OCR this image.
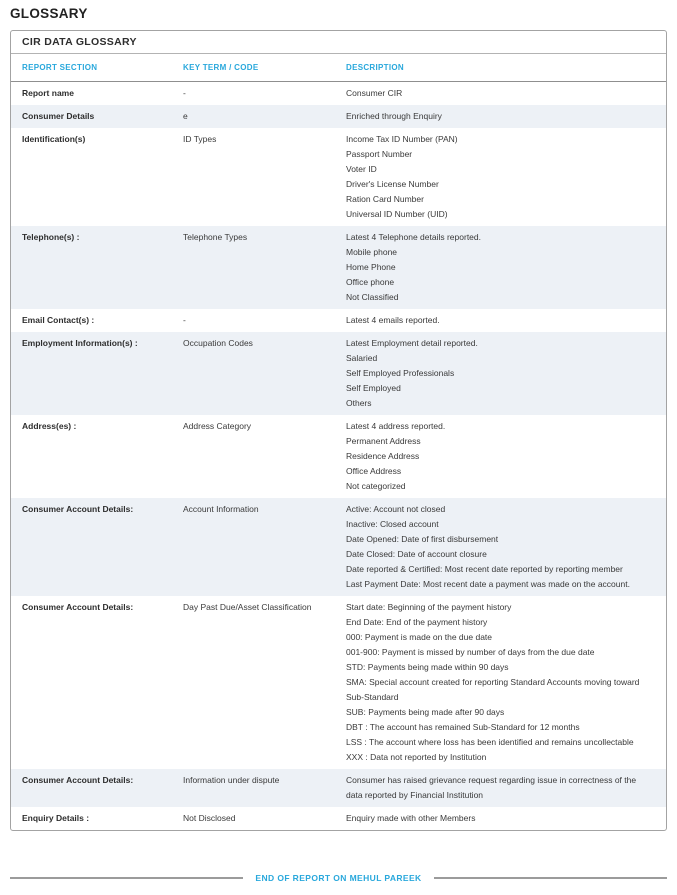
GLOSSARY
CIR DATA GLOSSARY
REPORT SECTION	KEY TERM / CODE	DESCRIPTION
Report name	-	Consumer CIR
Consumer Details	e	Enriched through Enquiry
Identification(s)	ID Types	Income Tax ID Number (PAN)
Passport Number
Voter ID
Driver's License Number
Ration Card Number
Universal ID Number (UID)
Telephone(s) :	Telephone Types	Latest 4 Telephone details reported.
Mobile phone
Home Phone
Office phone
Not Classified
Email Contact(s) :	-	Latest 4 emails reported.
Employment Information(s) :	Occupation Codes	Latest Employment detail reported.
Salaried
Self Employed Professionals
Self Employed
Others
Address(es) :	Address Category	Latest 4 address reported.
Permanent Address
Residence Address
Office Address
Not categorized
Consumer Account Details:	Account Information	Active: Account not closed
Inactive: Closed account
Date Opened: Date of first disbursement
Date Closed: Date of account closure
Date reported & Certified: Most recent date reported by reporting member
Last Payment Date: Most recent date a payment was made on the account.
Consumer Account Details:	Day Past Due/Asset Classification	Start date: Beginning of the payment history
End Date: End of the payment history
000: Payment is made on the due date
001-900: Payment is missed by number of days from the due date
STD: Payments being made within 90 days
SMA: Special account created for reporting Standard Accounts moving toward Sub-Standard
SUB: Payments being made after 90 days
DBT : The account has remained Sub-Standard for 12 months
LSS : The account where loss has been identified and remains uncollectable
XXX : Data not reported by Institution
Consumer Account Details:	Information under dispute	Consumer has raised grievance request regarding issue in correctness of the data reported by Financial Institution
Enquiry Details :	Not Disclosed	Enquiry made with other Members
END OF REPORT ON MEHUL PAREEK
